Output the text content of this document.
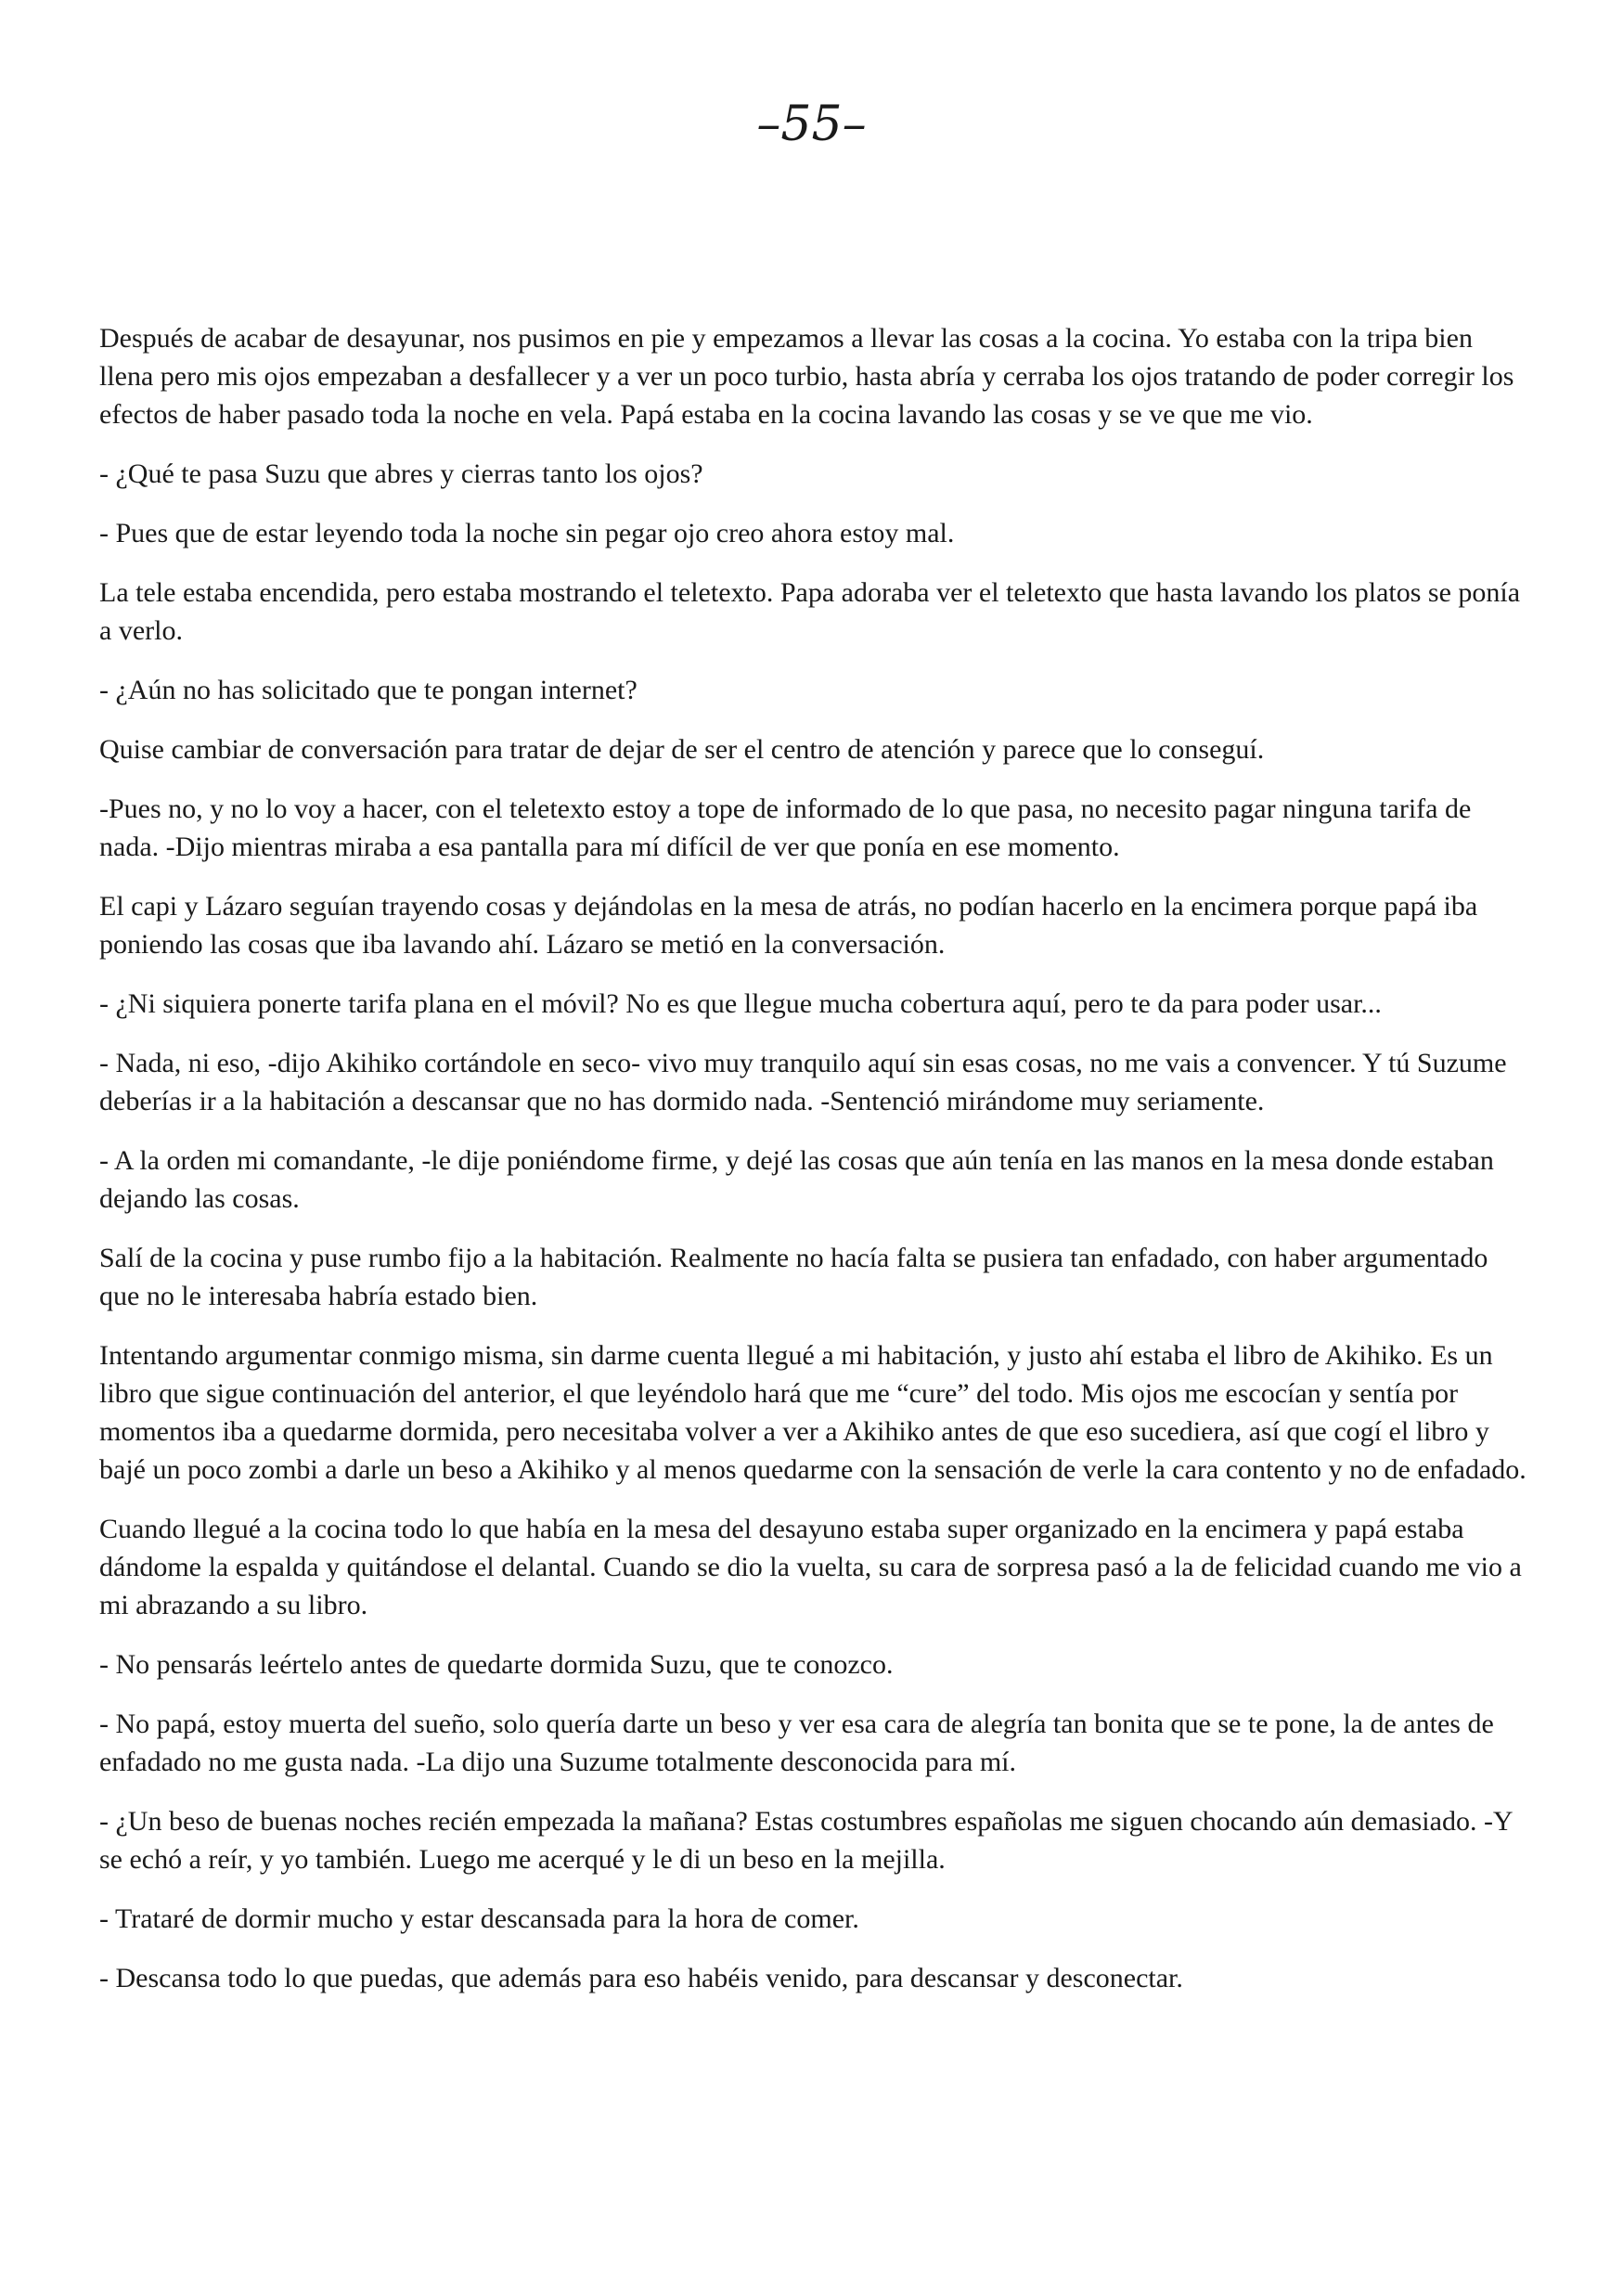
–55–

Después de acabar de desayunar, nos pusimos en pie y empezamos a llevar las cosas a la cocina. Yo estaba con la tripa bien llena pero mis ojos empezaban a desfallecer y a ver un poco turbio, hasta abría y cerraba los ojos tratando de poder corregir los efectos de haber pasado toda la noche en vela. Papá estaba en la cocina lavando las cosas y se ve que me vio.

- ¿Qué te pasa Suzu que abres y cierras tanto los ojos?

- Pues que de estar leyendo toda la noche sin pegar ojo creo ahora estoy mal.

La tele estaba encendida, pero estaba mostrando el teletexto. Papa adoraba ver el teletexto que hasta lavando los platos se ponía a verlo.

- ¿Aún no has solicitado que te pongan internet?

Quise cambiar de conversación para tratar de dejar de ser el centro de atención y parece que lo conseguí.

-Pues no, y no lo voy a hacer, con el teletexto estoy a tope de informado de lo que pasa, no necesito pagar ninguna tarifa de nada. -Dijo mientras miraba a esa pantalla para mí difícil de ver que ponía en ese momento.

El capi y Lázaro seguían trayendo cosas y dejándolas en la mesa de atrás, no podían hacerlo en la encimera porque papá iba poniendo las cosas que iba lavando ahí. Lázaro se metió en la conversación.

- ¿Ni siquiera ponerte tarifa plana en el móvil? No es que llegue mucha cobertura aquí, pero te da para poder usar...

- Nada, ni eso, -dijo Akihiko cortándole en seco- vivo muy tranquilo aquí sin esas cosas, no me vais a convencer. Y tú Suzume deberías ir a la habitación a descansar que no has dormido nada. -Sentenció mirándome muy seriamente.

- A la orden mi comandante, -le dije poniéndome firme, y dejé las cosas que aún tenía en las manos en la mesa donde estaban dejando las cosas.

Salí de la cocina y puse rumbo fijo a la habitación. Realmente no hacía falta se pusiera tan enfadado, con haber argumentado que no le interesaba habría estado bien.

Intentando argumentar conmigo misma, sin darme cuenta llegué a mi habitación, y justo ahí estaba el libro de Akihiko. Es un libro que sigue continuación del anterior, el que leyéndolo hará que me “cure” del todo. Mis ojos me escocían y sentía por momentos iba a quedarme dormida, pero necesitaba volver a ver a Akihiko antes de que eso sucediera, así que cogí el libro y bajé un poco zombi a darle un beso a Akihiko y al menos quedarme con la sensación de verle la cara contento y no de enfadado.

Cuando llegué a la cocina todo lo que había en la mesa del desayuno estaba super organizado en la encimera y papá estaba dándome la espalda y quitándose el delantal. Cuando se dio la vuelta, su cara de sorpresa pasó a la de felicidad cuando me vio a mi abrazando a su libro.

- No pensarás leértelo antes de quedarte dormida Suzu, que te conozco.

- No papá, estoy muerta del sueño, solo quería darte un beso y ver esa cara de alegría tan bonita que se te pone, la de antes de enfadado no me gusta nada. -La dijo una Suzume totalmente desconocida para mí.

- ¿Un beso de buenas noches recién empezada la mañana? Estas costumbres españolas me siguen chocando aún demasiado. -Y se echó a reír, y yo también. Luego me acerqué y le di un beso en la mejilla.

- Trataré de dormir mucho y estar descansada para la hora de comer.

- Descansa todo lo que puedas, que además para eso habéis venido, para descansar y desconectar.
